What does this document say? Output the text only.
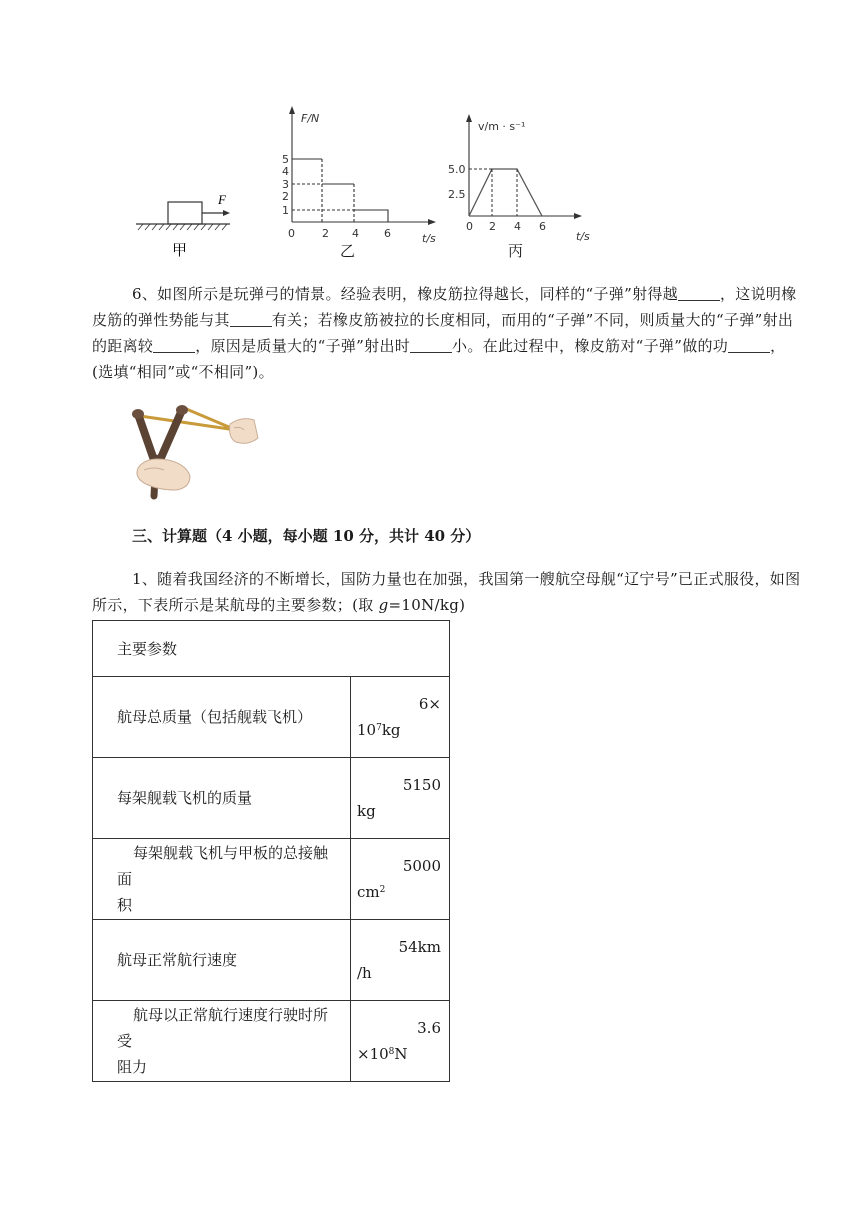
F
甲
F/N
t/s
0 2 4 6
1
2
3
4
5
乙
v/m · s⁻¹
t/s
0 2 4 6
2.5
5.0
丙
6、如图所示是玩弹弓的情景。经验表明，橡皮筋拉得越长，同样的“子弹”射得越	，这说明橡皮筋的弹性势能与其	有关；若橡皮筋被拉的长度相同，而用的“子弹”不同，则质量大的“子弹”射出的距离较	，原因是质量大的“子弹”射出时	小。在此过程中，橡皮筋对“子弹”做的功	，(选填“相同”或“不相同”)。
三、计算题（4 小题，每小题 10 分，共计 40 分）
1、随着我国经济的不断增长，国防力量也在加强，我国第一艘航空母舰“辽宁号”已正式服役，如图所示，下表所示是某航母的主要参数；(取 g=10N/kg)
主要参数	
航母总质量（包括舰载飞机）	6×
$10^7kg$

每架舰载飞机的质量	5150
kg

每架舰载飞机与甲板的总接触面
积	5000
$cm^2$

航母正常航行速度	54km
/h

航母以正常航行速度行驶时所受
阻力	3.6
$\times 10^8N$
